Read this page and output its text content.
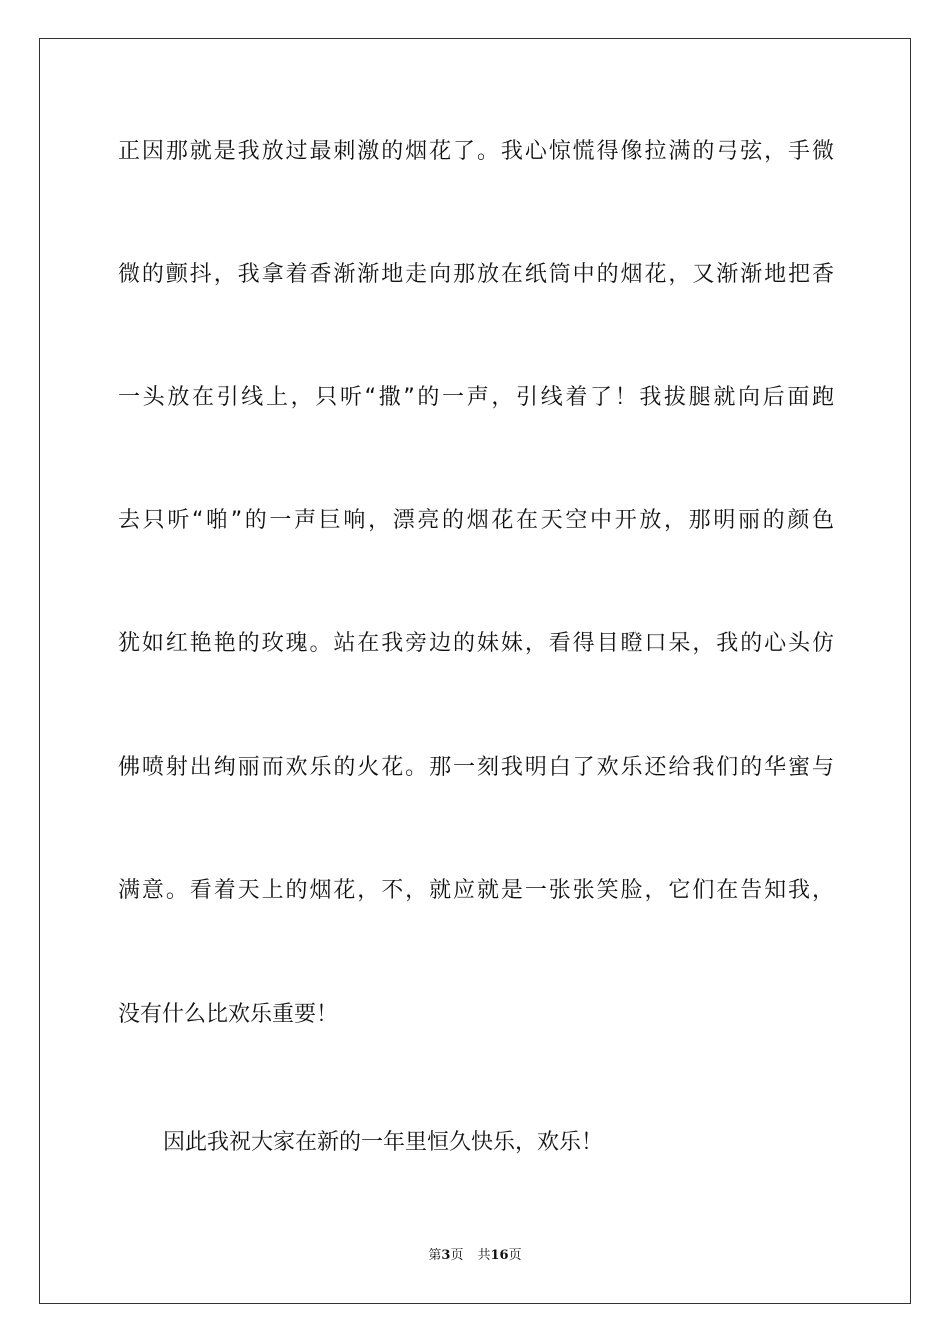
正因那就是我放过最刺激的烟花了。我心惊慌得像拉满的弓弦，手微

微的颤抖，我拿着香渐渐地走向那放在纸筒中的烟花，又渐渐地把香

一头放在引线上，只听“撒”的一声，引线着了！我拔腿就向后面跑

去只听“啪”的一声巨响，漂亮的烟花在天空中开放，那明丽的颜色

犹如红艳艳的玫瑰。站在我旁边的妹妹，看得目瞪口呆，我的心头仿

佛喷射出绚丽而欢乐的火花。那一刻我明白了欢乐还给我们的华蜜与

满意。看着天上的烟花，不，就应就是一张张笑脸，它们在告知我，

没有什么比欢乐重要！

因此我祝大家在新的一年里恒久快乐，欢乐！

第3页 共16页
